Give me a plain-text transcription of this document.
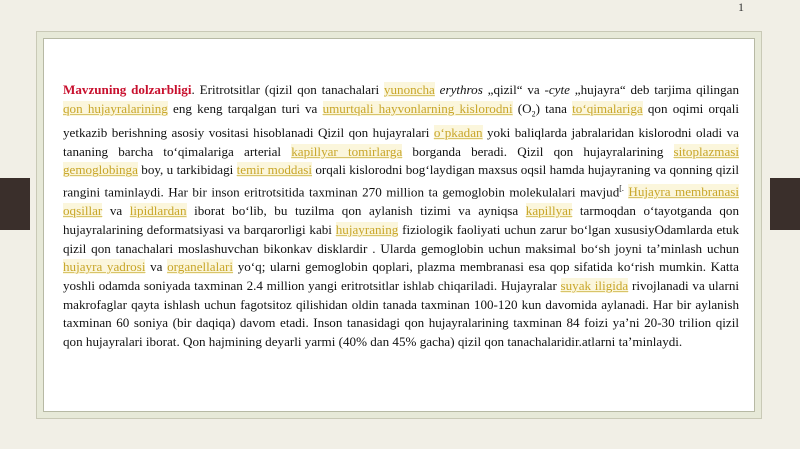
1

Mavzuning dolzarbligi. Eritrotsitlar (qizil qon tanachalari yunoncha erythros „qizil“ va -cyte „hujayra“ deb tarjima qilingan qon hujayralarining eng keng tarqalgan turi va umurtqali hayvonlarning kislorodni $(O_2)$ tana to‘qimalariga qon oqimi orqali yetkazib berishning asosiy vositasi hisoblanadi Qizil qon hujayralari o‘pkadan yoki baliqlarda jabralaridan kislorodni oladi va tananing barcha to‘qimalariga arterial kapillyar tomirlarga borganda beradi. Qizil qon hujayralarining sitoplazmasi gemoglobinga boy, u tarkibidagi temir moddasi orqali kislorodni bog‘laydigan maxsus oqsil hamda hujayraning va qonning qizil rangini taminlaydi. Har bir inson eritrotsitida taxminan 270 million ta gemoglobin molekulalari mavjud[. Hujayra membranasi oqsillar va lipidlardan iborat bo‘lib, bu tuzilma qon aylanish tizimi va ayniqsa kapillyar tarmoqdan o‘tayotganda qon hujayralarining deformatsiyasi va barqarorligi kabi hujayraning fiziologik faoliyati uchun zarur bo‘lgan xususiyOdamlarda etuk qizil qon tanachalari moslashuvchan bikonkav disklardir . Ularda gemoglobin uchun maksimal bo‘sh joyni ta’minlash uchun hujayra yadrosi va organellalari yo‘q; ularni gemoglobin qoplari, plazma membranasi esa qop sifatida ko‘rish mumkin. Katta yoshli odamda soniyada taxminan 2.4 million yangi eritrotsitlar ishlab chiqariladi. Hujayralar suyak iligida rivojlanadi va ularni makrofaglar qayta ishlash uchun fagotsitoz qilishidan oldin tanada taxminan 100-120 kun davomida aylanadi. Har bir aylanish taxminan 60 soniya (bir daqiqa) davom etadi. Inson tanasidagi qon hujayralarining taxminan 84 foizi ya’ni 20-30 trilion qizil qon hujayralari iborat. Qon hajmining deyarli yarmi (40% dan 45% gacha) qizil qon tanachalaridir.atlarni ta’minlaydi.
